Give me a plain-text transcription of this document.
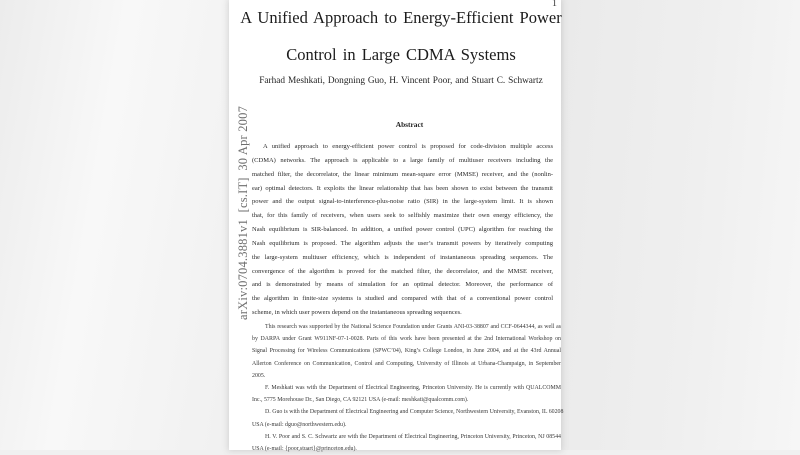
arXiv:0704.3881v1  [cs.IT]  30 Apr 2007
1
A Unified Approach to Energy-Efficient Power
Control in Large CDMA Systems
Farhad Meshkati, Dongning Guo, H. Vincent Poor, and Stuart C. Schwartz
Abstract
A unified approach to energy-efficient power control is proposed for code-division multiple access
(CDMA) networks. The approach is applicable to a large family of multiuser receivers including the
matched filter, the decorrelator, the linear minimum mean-square error (MMSE) receiver, and the (nonlin-
ear) optimal detectors. It exploits the linear relationship that has been shown to exist between the transmit
power and the output signal-to-interference-plus-noise ratio (SIR) in the large-system limit. It is shown
that, for this family of receivers, when users seek to selfishly maximize their own energy efficiency, the
Nash equilibrium is SIR-balanced. In addition, a unified power control (UPC) algorithm for reaching the
Nash equilibrium is proposed. The algorithm adjusts the user’s transmit powers by iteratively computing
the large-system multiuser efficiency, which is independent of instantaneous spreading sequences. The
convergence of the algorithm is proved for the matched filter, the decorrelator, and the MMSE receiver,
and is demonstrated by means of simulation for an optimal detector. Moreover, the performance of
the algorithm in finite-size systems is studied and compared with that of a conventional power control
scheme, in which user powers depend on the instantaneous spreading sequences.
This research was supported by the National Science Foundation under Grants ANI-03-38807 and CCF-0644344, as well as
by DARPA under Grant W911NF-07-1-0028. Parts of this work have been presented at the 2nd International Workshop on
Signal Processing for Wireless Communications (SPWC’04), King’s College London, in June 2004, and at the 43rd Annual
Allerton Conference on Communication, Control and Computing, University of Illinois at Urbana-Champaign, in September
2005.
F. Meshkati was with the Department of Electrical Engineering, Princeton University. He is currently with QUALCOMM
Inc., 5775 Morehouse Dr., San Diego, CA 92121 USA (e-mail: meshkati@qualcomm.com).
D. Guo is with the Department of Electrical Engineering and Computer Science, Northwestern University, Evanston, IL 60208
USA (e-mail: dguo@northwestern.edu).
H. V. Poor and S. C. Schwartz are with the Department of Electrical Engineering, Princeton University, Princeton, NJ 08544
USA (e-mail: {poor,stuart}@princeton.edu).
